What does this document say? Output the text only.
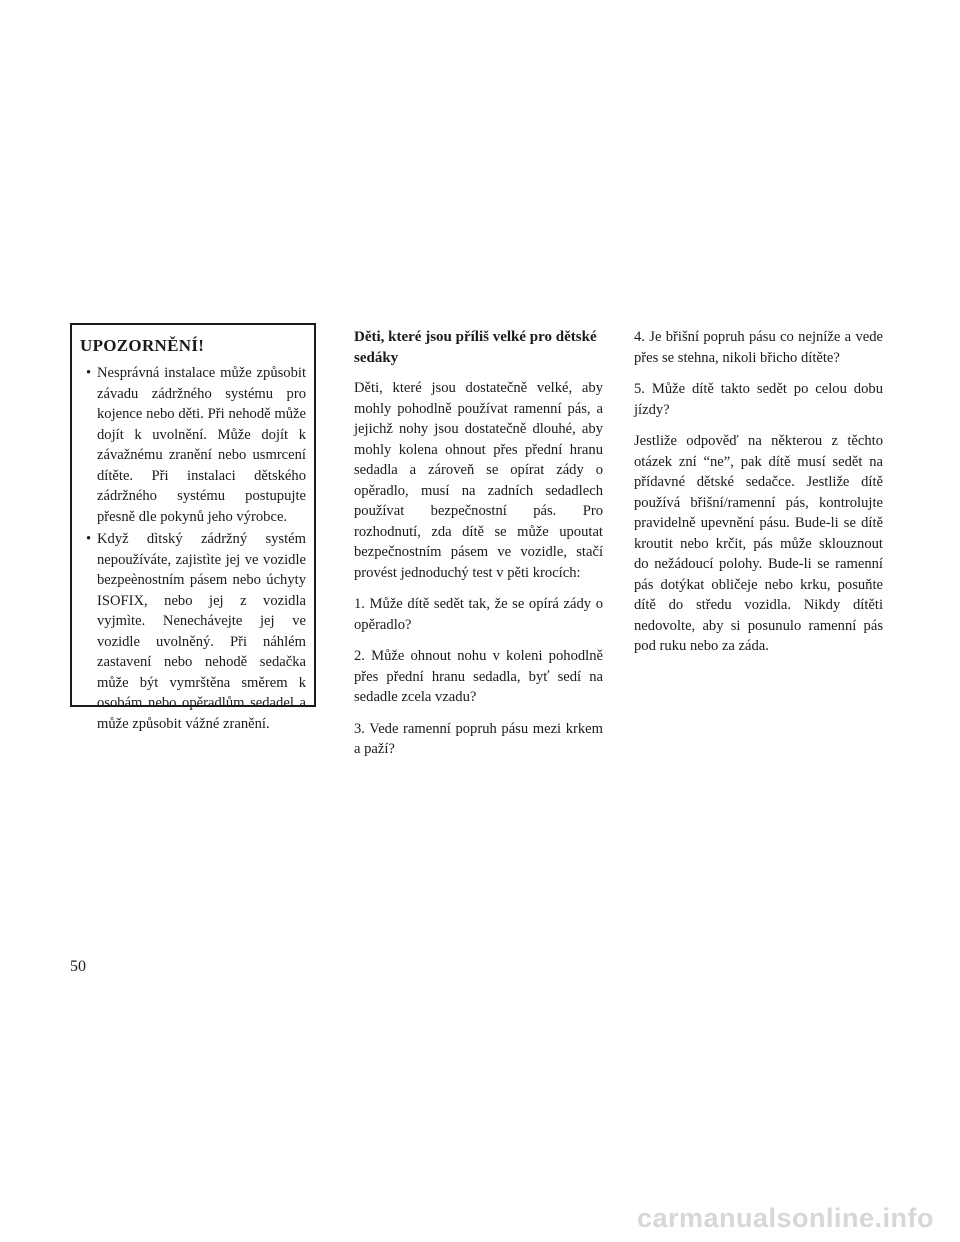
UPOZORNĚNÍ!
• Nesprávná instalace může způsobit závadu zádržného systému pro kojence nebo děti. Při nehodě může dojít k uvolnění. Může dojít k závažnému zranění nebo usmrcení dítěte. Při instalaci dětského zádržného systému postupujte přesně dle pokynů jeho výrobce.
• Když dìtský zádržný systém nepoužíváte, zajistìte jej ve vozidle bezpeènostním pásem nebo úchyty ISOFIX, nebo jej z vozidla vyjmìte. Nenechávejte jej ve vozidle uvolněný. Při náhlém zastavení nebo nehodě sedačka může být vymrštěna směrem k osobám nebo opěradlům sedadel a může způsobit vážné zranění.
Děti, které jsou příliš velké pro dětské sedáky

Děti, které jsou dostatečně velké, aby mohly pohodlně používat ramenní pás, a jejichž nohy jsou dostatečně dlouhé, aby mohly kolena ohnout přes přední hranu sedadla a zároveň se opírat zády o opěradlo, musí na zadních sedadlech používat bezpečnostní pás. Pro rozhodnutí, zda dítě se může upoutat bezpečnostním pásem ve vozidle, stačí provést jednoduchý test v pěti krocích:

1. Může dítě sedět tak, že se opírá zády o opěradlo?

2. Může ohnout nohu v koleni pohodlně přes přední hranu sedadla, byť sedí na sedadle zcela vzadu?

3. Vede ramenní popruh pásu mezi krkem a paží?

4. Je břišní popruh pásu co nejníže a vede přes se stehna, nikoli břicho dítěte?

5. Může dítě takto sedět po celou dobu jízdy?

Jestliže odpověď na některou z těchto otázek zní “ne”, pak dítě musí sedět na přídavné dětské sedačce. Jestliže dítě používá břišní/ramenní pás, kontrolujte pravidelně upevnění pásu. Bude-li se dítě kroutit nebo krčit, pás může sklouznout do nežádoucí polohy. Bude-li se ramenní pás dotýkat obličeje nebo krku, posuňte dítě do středu vozidla. Nikdy dítěti nedovolte, aby si posunulo ramenní pás pod ruku nebo za záda.

50
carmanualsonline.info
